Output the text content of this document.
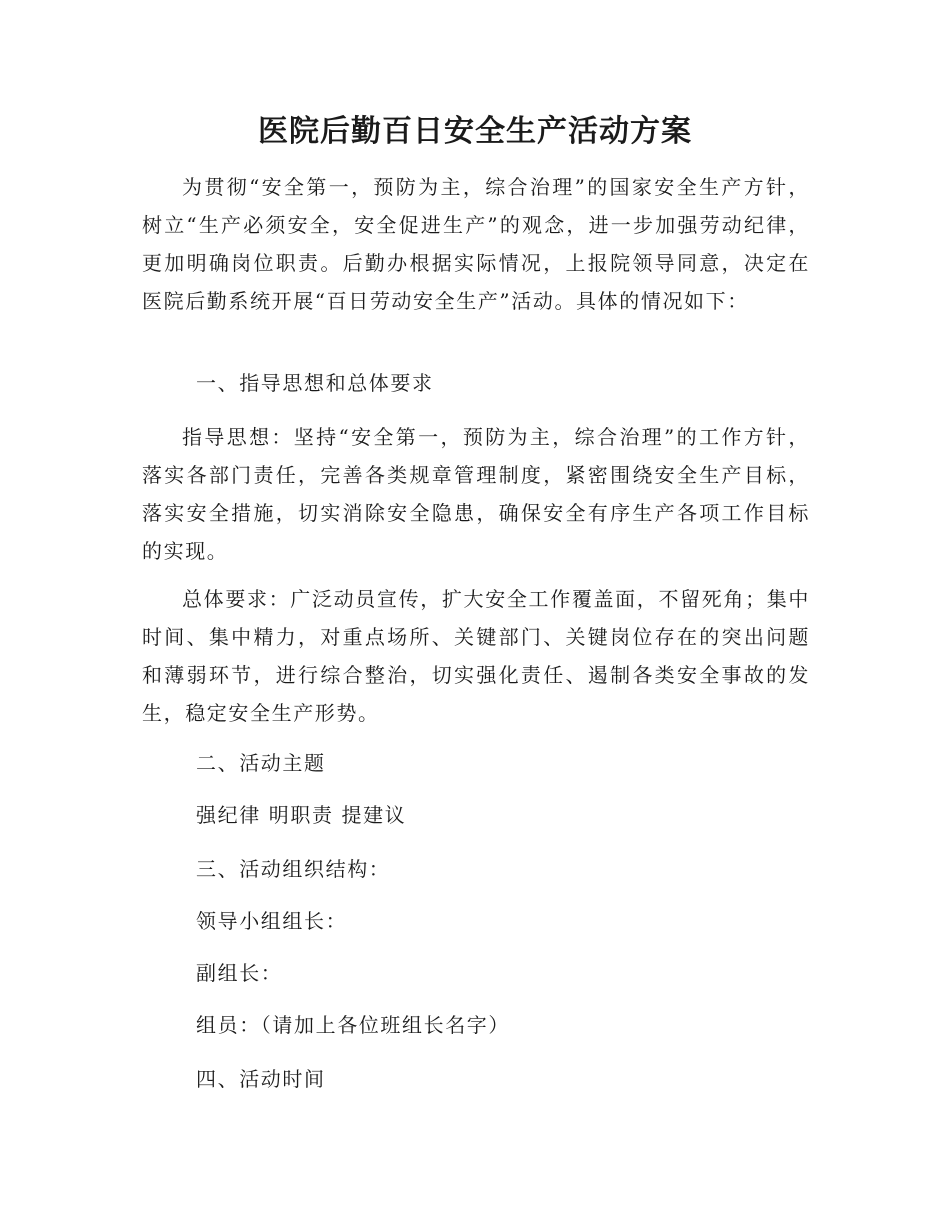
医院后勤百日安全生产活动方案

为贯彻“安全第一，预防为主，综合治理”的国家安全生产方针，树立“生产必须安全，安全促进生产”的观念，进一步加强劳动纪律，更加明确岗位职责。后勤办根据实际情况，上报院领导同意，决定在医院后勤系统开展“百日劳动安全生产”活动。具体的情况如下：

一、指导思想和总体要求

指导思想：坚持“安全第一，预防为主，综合治理”的工作方针，落实各部门责任，完善各类规章管理制度，紧密围绕安全生产目标，落实安全措施，切实消除安全隐患，确保安全有序生产各项工作目标的实现。

总体要求：广泛动员宣传，扩大安全工作覆盖面，不留死角；集中时间、集中精力，对重点场所、关键部门、关键岗位存在的突出问题和薄弱环节，进行综合整治，切实强化责任、遏制各类安全事故的发生，稳定安全生产形势。

二、活动主题
强纪律 明职责 提建议
三、活动组织结构：
领导小组组长：
副组长：
组员：（请加上各位班组长名字）
四、活动时间
